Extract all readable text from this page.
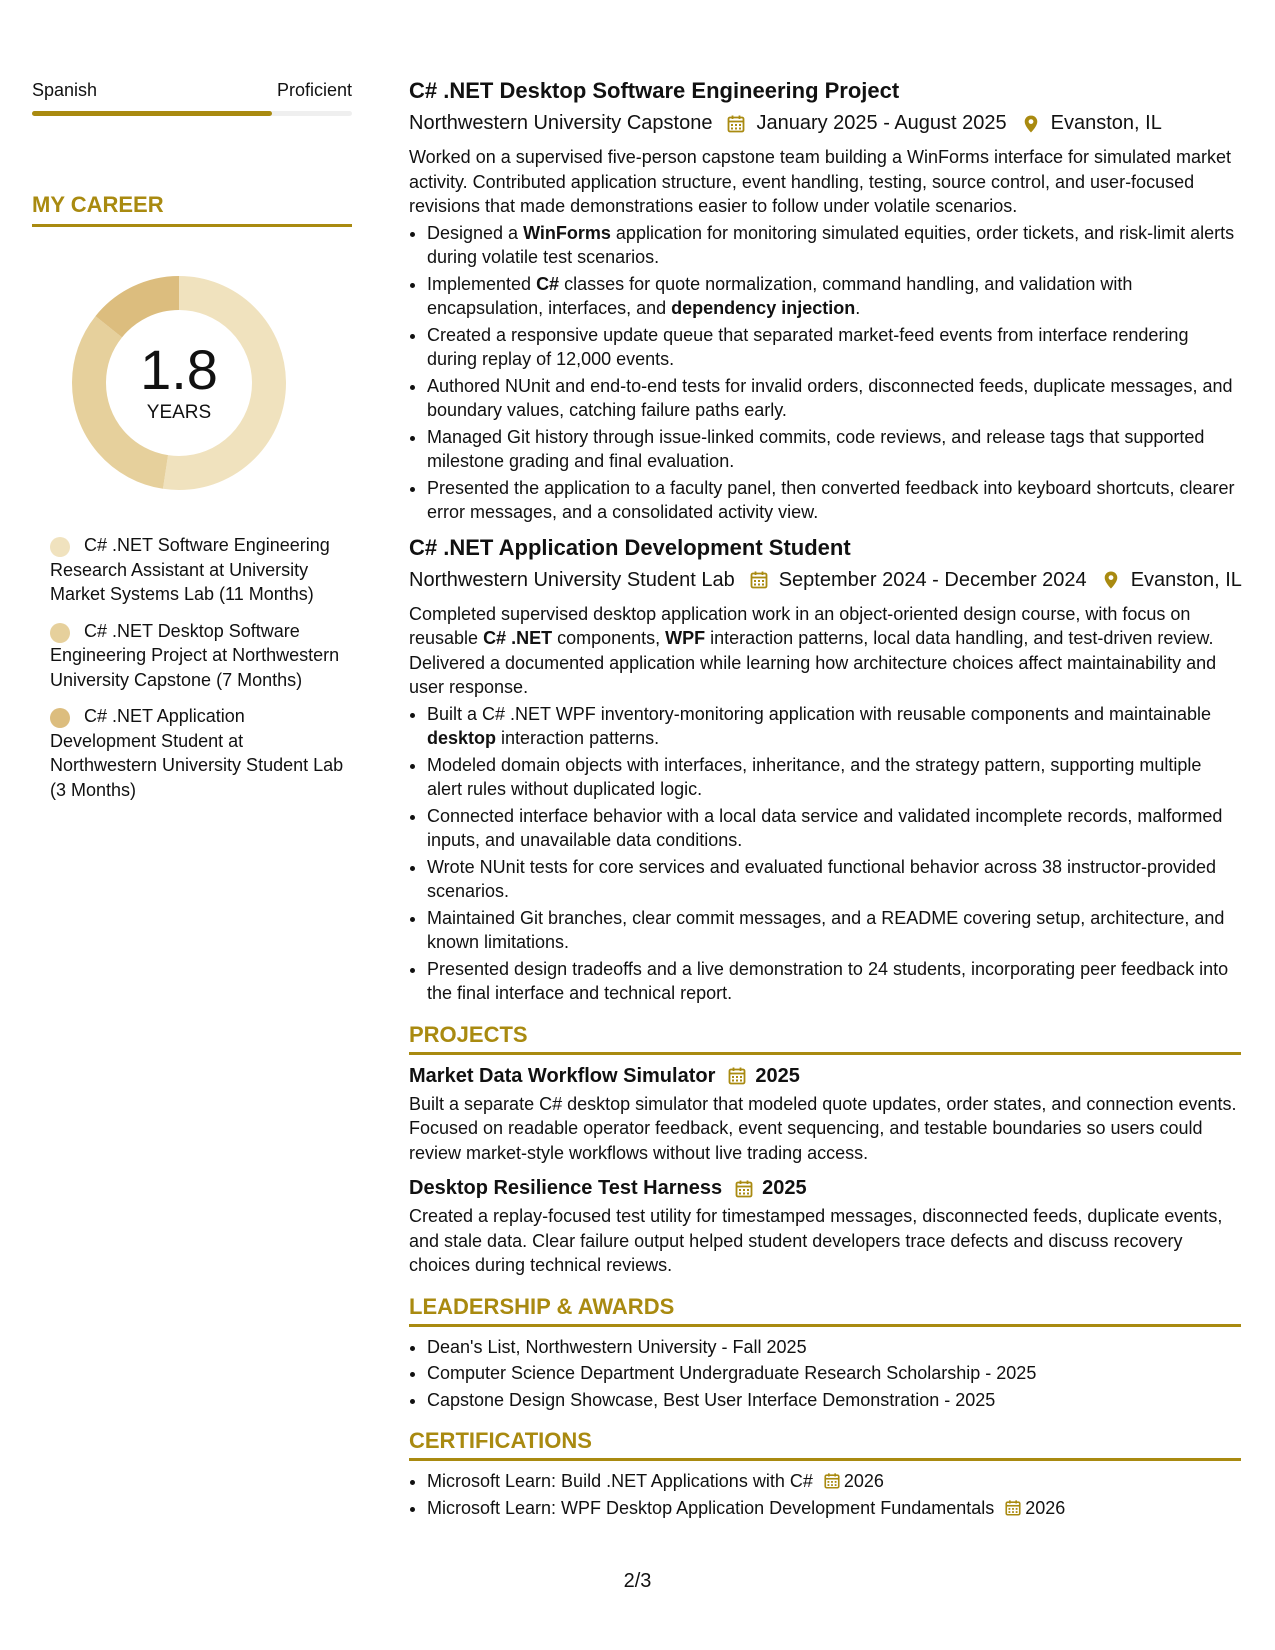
Spanish	Proficient
MY CAREER
1.8
YEARS
C# .NET Software Engineering Research Assistant at University Market Systems Lab (11 Months)
C# .NET Desktop Software Engineering Project at Northwestern University Capstone (7 Months)
C# .NET Application Development Student at Northwestern University Student Lab (3 Months)
C# .NET Desktop Software Engineering Project
Northwestern University Capstone January 2025 - August 2025 Evanston, IL
Worked on a supervised five-person capstone team building a WinForms interface for simulated market activity. Contributed application structure, event handling, testing, source control, and user-focused revisions that made demonstrations easier to follow under volatile scenarios.
• Designed a WinForms application for monitoring simulated equities, order tickets, and risk-limit alerts during volatile test scenarios.
• Implemented C# classes for quote normalization, command handling, and validation with encapsulation, interfaces, and dependency injection.
• Created a responsive update queue that separated market-feed events from interface rendering during replay of 12,000 events.
• Authored NUnit and end-to-end tests for invalid orders, disconnected feeds, duplicate messages, and boundary values, catching failure paths early.
• Managed Git history through issue-linked commits, code reviews, and release tags that supported milestone grading and final evaluation.
• Presented the application to a faculty panel, then converted feedback into keyboard shortcuts, clearer error messages, and a consolidated activity view.
C# .NET Application Development Student
Northwestern University Student Lab September 2024 - December 2024 Evanston, IL
Completed supervised desktop application work in an object-oriented design course, with focus on reusable C# .NET components, WPF interaction patterns, local data handling, and test-driven review. Delivered a documented application while learning how architecture choices affect maintainability and user response.
• Built a C# .NET WPF inventory-monitoring application with reusable components and maintainable desktop interaction patterns.
• Modeled domain objects with interfaces, inheritance, and the strategy pattern, supporting multiple alert rules without duplicated logic.
• Connected interface behavior with a local data service and validated incomplete records, malformed inputs, and unavailable data conditions.
• Wrote NUnit tests for core services and evaluated functional behavior across 38 instructor-provided scenarios.
• Maintained Git branches, clear commit messages, and a README covering setup, architecture, and known limitations.
• Presented design tradeoffs and a live demonstration to 24 students, incorporating peer feedback into the final interface and technical report.
PROJECTS
Market Data Workflow Simulator 2025
Built a separate C# desktop simulator that modeled quote updates, order states, and connection events. Focused on readable operator feedback, event sequencing, and testable boundaries so users could review market-style workflows without live trading access.
Desktop Resilience Test Harness 2025
Created a replay-focused test utility for timestamped messages, disconnected feeds, duplicate events, and stale data. Clear failure output helped student developers trace defects and discuss recovery choices during technical reviews.
LEADERSHIP & AWARDS
• Dean's List, Northwestern University - Fall 2025
• Computer Science Department Undergraduate Research Scholarship - 2025
• Capstone Design Showcase, Best User Interface Demonstration - 2025
CERTIFICATIONS
• Microsoft Learn: Build .NET Applications with C# 2026
• Microsoft Learn: WPF Desktop Application Development Fundamentals 2026
2/3
